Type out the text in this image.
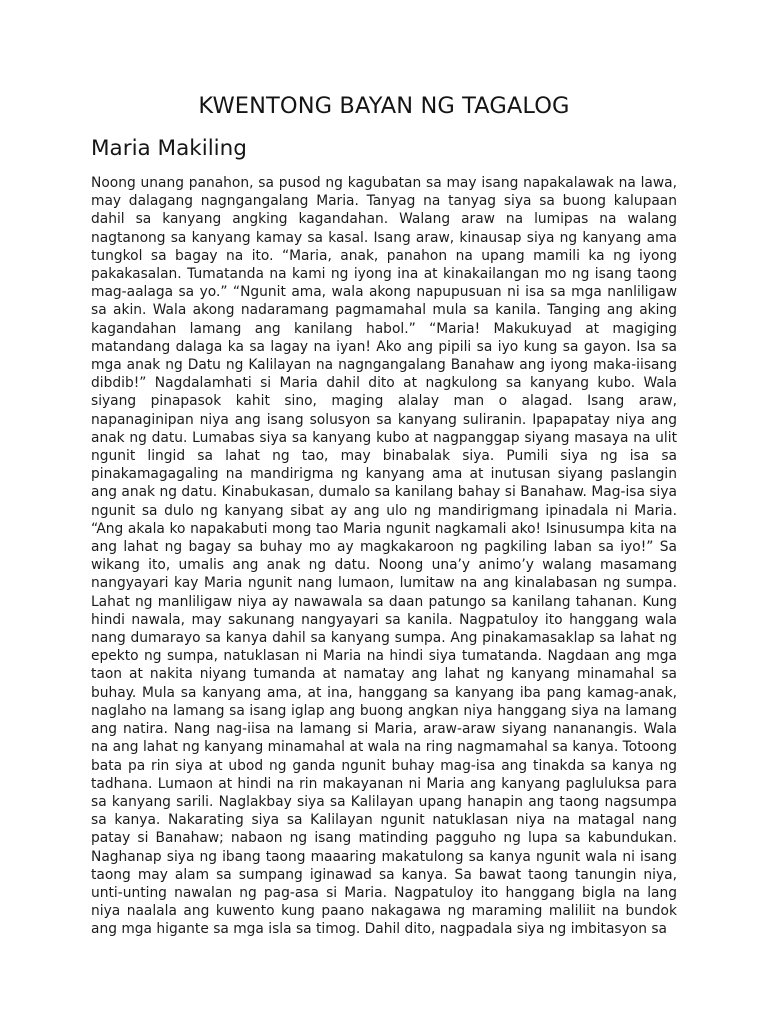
KWENTONG BAYAN NG TAGALOG
Maria Makiling
Noong unang panahon, sa pusod ng kagubatan sa may isang napakalawak na lawa,
may dalagang nagngangalang Maria. Tanyag na tanyag siya sa buong kalupaan
dahil sa kanyang angking kagandahan. Walang araw na lumipas na walang
nagtanong sa kanyang kamay sa kasal. Isang araw, kinausap siya ng kanyang ama
tungkol sa bagay na ito. “Maria, anak, panahon na upang mamili ka ng iyong
pakakasalan. Tumatanda na kami ng iyong ina at kinakailangan mo ng isang taong
mag-aalaga sa yo.” “Ngunit ama, wala akong napupusuan ni isa sa mga nanliligaw
sa akin. Wala akong nadaramang pagmamahal mula sa kanila. Tanging ang aking
kagandahan lamang ang kanilang habol.” “Maria! Makukuyad at magiging
matandang dalaga ka sa lagay na iyan! Ako ang pipili sa iyo kung sa gayon. Isa sa
mga anak ng Datu ng Kalilayan na nagngangalang Banahaw ang iyong maka-iisang
dibdib!” Nagdalamhati si Maria dahil dito at nagkulong sa kanyang kubo. Wala
siyang pinapasok kahit sino, maging alalay man o alagad. Isang araw,
napanaginipan niya ang isang solusyon sa kanyang suliranin. Ipapapatay niya ang
anak ng datu. Lumabas siya sa kanyang kubo at nagpanggap siyang masaya na ulit
ngunit lingid sa lahat ng tao, may binabalak siya. Pumili siya ng isa sa
pinakamagagaling na mandirigma ng kanyang ama at inutusan siyang paslangin
ang anak ng datu. Kinabukasan, dumalo sa kanilang bahay si Banahaw. Mag-isa siya
ngunit sa dulo ng kanyang sibat ay ang ulo ng mandirigmang ipinadala ni Maria.
“Ang akala ko napakabuti mong tao Maria ngunit nagkamali ako! Isinusumpa kita na
ang lahat ng bagay sa buhay mo ay magkakaroon ng pagkiling laban sa iyo!” Sa
wikang ito, umalis ang anak ng datu. Noong una’y animo’y walang masamang
nangyayari kay Maria ngunit nang lumaon, lumitaw na ang kinalabasan ng sumpa.
Lahat ng manliligaw niya ay nawawala sa daan patungo sa kanilang tahanan. Kung
hindi nawala, may sakunang nangyayari sa kanila. Nagpatuloy ito hanggang wala
nang dumarayo sa kanya dahil sa kanyang sumpa. Ang pinakamasaklap sa lahat ng
epekto ng sumpa, natuklasan ni Maria na hindi siya tumatanda. Nagdaan ang mga
taon at nakita niyang tumanda at namatay ang lahat ng kanyang minamahal sa
buhay. Mula sa kanyang ama, at ina, hanggang sa kanyang iba pang kamag-anak,
naglaho na lamang sa isang iglap ang buong angkan niya hanggang siya na lamang
ang natira. Nang nag-iisa na lamang si Maria, araw-araw siyang nananangis. Wala
na ang lahat ng kanyang minamahal at wala na ring nagmamahal sa kanya. Totoong
bata pa rin siya at ubod ng ganda ngunit buhay mag-isa ang tinakda sa kanya ng
tadhana. Lumaon at hindi na rin makayanan ni Maria ang kanyang pagluluksa para
sa kanyang sarili. Naglakbay siya sa Kalilayan upang hanapin ang taong nagsumpa
sa kanya. Nakarating siya sa Kalilayan ngunit natuklasan niya na matagal nang
patay si Banahaw; nabaon ng isang matinding pagguho ng lupa sa kabundukan.
Naghanap siya ng ibang taong maaaring makatulong sa kanya ngunit wala ni isang
taong may alam sa sumpang iginawad sa kanya. Sa bawat taong tanungin niya,
unti-unting nawalan ng pag-asa si Maria. Nagpatuloy ito hanggang bigla na lang
niya naalala ang kuwento kung paano nakagawa ng maraming maliliit na bundok
ang mga higante sa mga isla sa timog. Dahil dito, nagpadala siya ng imbitasyon sa
